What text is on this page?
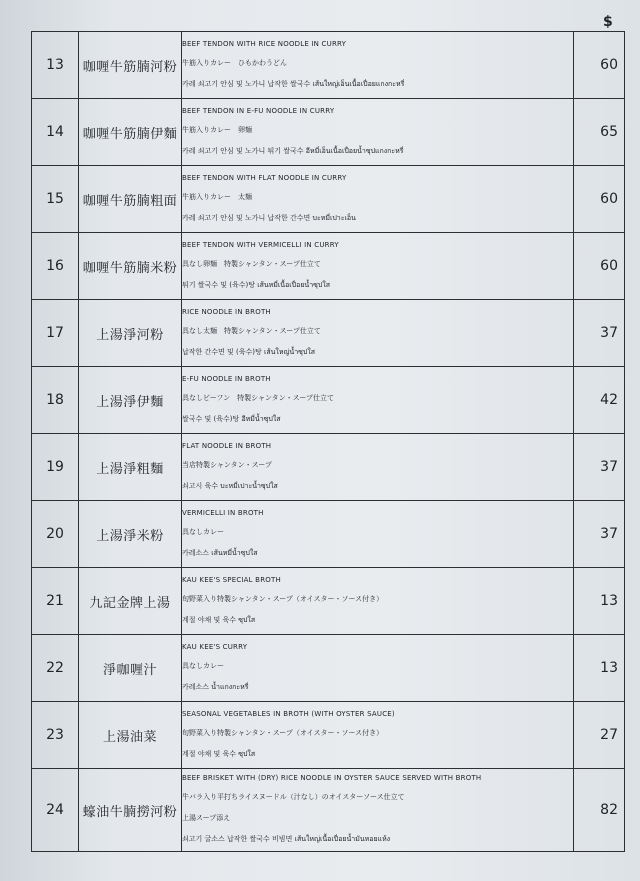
$
13	咖喱牛筋腩河粉	BEEF TENDON WITH RICE NOODLE IN CURRY
牛筋入りカレー　ひもかわうどん
카레 쇠고기 안심 및 노가니 납작한 쌀국수 เส้นใหญ่เอ็นเนื้อเปื่อยแกงกะหรี่	60
14	咖喱牛筋腩伊麵	BEEF TENDON IN E-FU NOODLE IN CURRY
牛筋入りカレー　卵麺
카레 쇠고기 안심 및 노가니 튀기 쌀국수 อีหมี่เอ็นเนื้อเปื่อยน้ำซุปแกงกะหรี่	65
15	咖喱牛筋腩粗面	BEEF TENDON WITH FLAT NOODLE IN CURRY
牛筋入りカレー　太麺
카레 쇠고기 안심 및 노가니 납작한 간수면 บะหมี่เปาะเอ็น	60
16	咖喱牛筋腩米粉	BEEF TENDON WITH VERMICELLI IN CURRY
具なし卵麺　特製シャンタン・スープ仕立て
튀기 쌀국수 및 (육수)탕 เส้นหมี่เนื้อเปื่อยน้ำซุปใส	60
17	上湯淨河粉	RICE NOODLE IN BROTH
具なし太麺　特製シャンタン・スープ仕立て
납작한 간수면 및 (육수)탕 เส้นใหญ่น้ำซุปใส	37
18	上湯淨伊麵	E-FU NOODLE IN BROTH
具なしビーフン　特製シャンタン・スープ仕立て
쌀국수 및 (육수)탕 อีหมี่น้ำซุปใส	42
19	上湯淨粗麵	FLAT NOODLE IN BROTH
当店特製シャンタン・スープ
쇠고시 육수 บะหมี่เปาะน้ำซุปใส	37
20	上湯淨米粉	VERMICELLI IN BROTH
具なしカレー
카레소스 เส้นหมี่น้ำซุปใส	37
21	九記金牌上湯	KAU KEE'S SPECIAL BROTH
旬野菜入り特製シャンタン・スープ（オイスター・ソース付き）
계절 야채 및 육수 ซุปใส	13
22	淨咖喱汁	KAU KEE'S CURRY
具なしカレー
카레소스 น้ำแกงกะหรี่	13
23	上湯油菜	SEASONAL VEGETABLES IN BROTH (WITH OYSTER SAUCE)
旬野菜入り特製シャンタン・スープ（オイスター・ソース付き）
계절 야채 및 육수 ซุปใส	27
24	蠔油牛腩撈河粉	BEEF BRISKET WITH (DRY) RICE NOODLE IN OYSTER SAUCE SERVED WITH BROTH
牛バラ入り平打ちライスヌードル（汁なし）のオイスターソース仕立て
上湯スープ添え
쇠고기 굴소스 납작한 쌀국수 비빔면 เส้นใหญ่เนื้อเปื่อยน้ำมันหอยแห้ง	82
